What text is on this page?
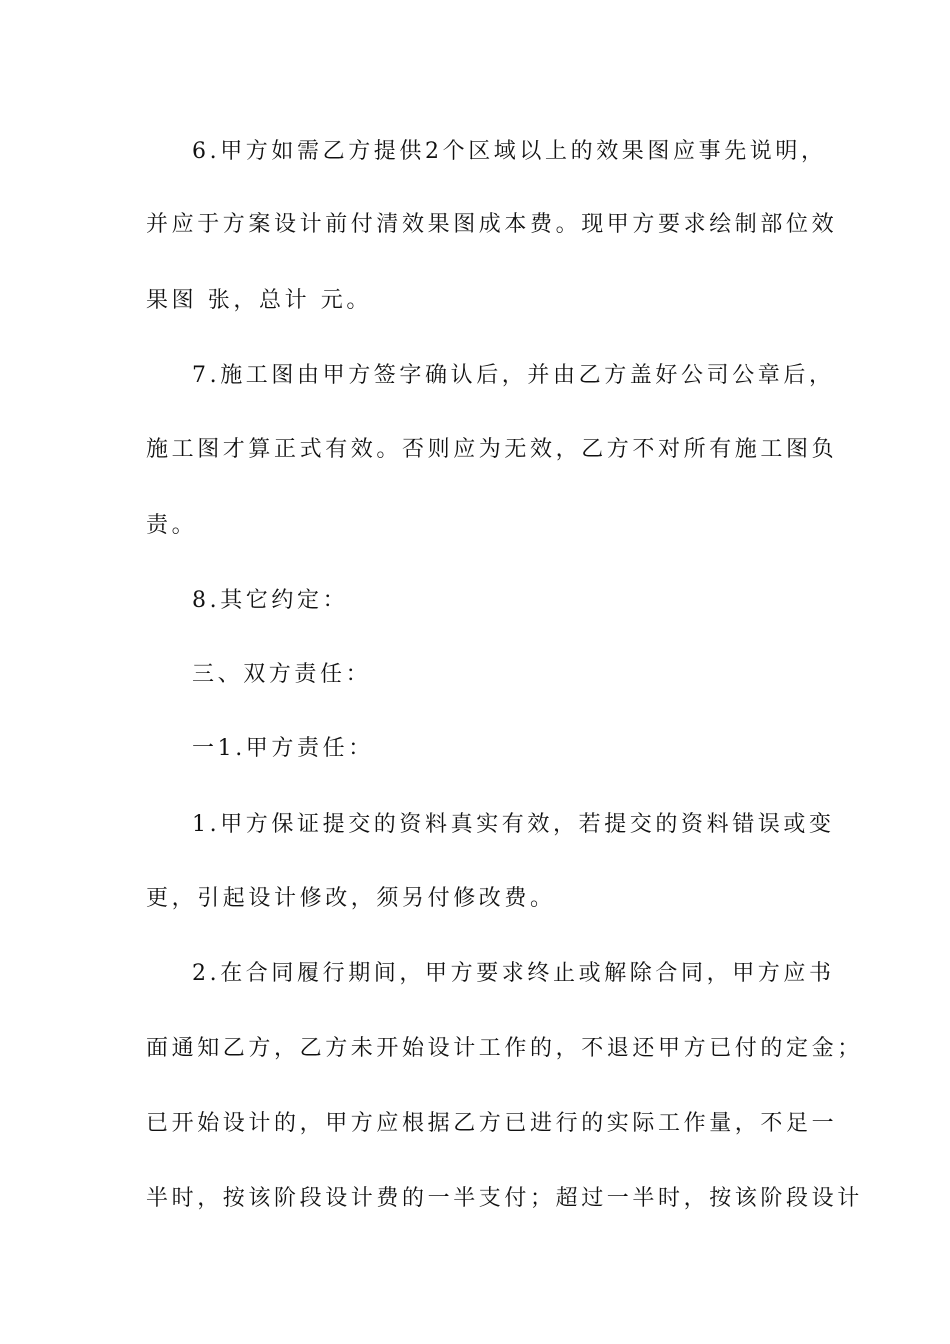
6.甲方如需乙方提供2个区域以上的效果图应事先说明，
并应于方案设计前付清效果图成本费。现甲方要求绘制部位效
果图 张，总计 元。
7.施工图由甲方签字确认后，并由乙方盖好公司公章后，
施工图才算正式有效。否则应为无效，乙方不对所有施工图负
责。
8.其它约定：
三、双方责任：
一1.甲方责任：
1.甲方保证提交的资料真实有效，若提交的资料错误或变
更，引起设计修改，须另付修改费。
2.在合同履行期间，甲方要求终止或解除合同，甲方应书
面通知乙方，乙方未开始设计工作的，不退还甲方已付的定金；
已开始设计的，甲方应根据乙方已进行的实际工作量，不足一
半时，按该阶段设计费的一半支付；超过一半时，按该阶段设计
